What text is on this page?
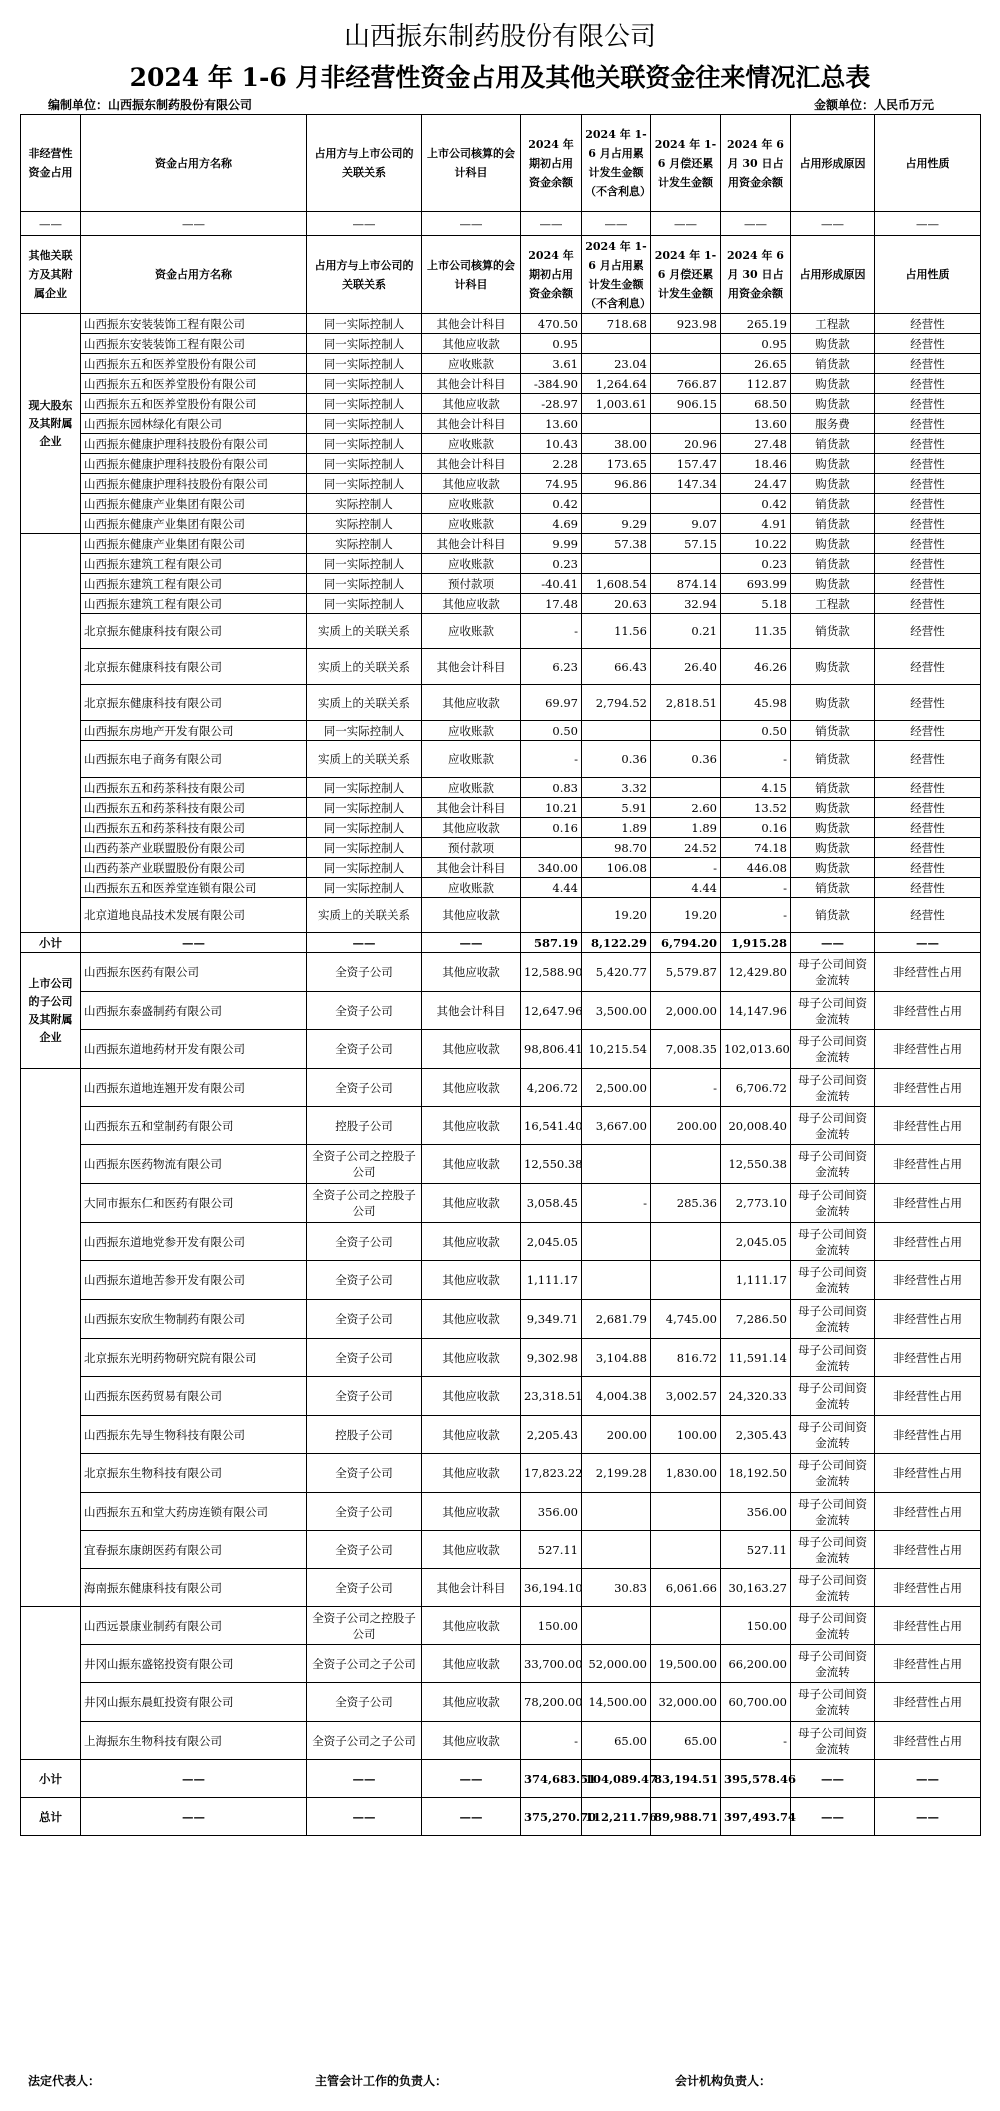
山西振东制药股份有限公司
2024 年 1-6 月非经营性资金占用及其他关联资金往来情况汇总表
编制单位：山西振东制药股份有限公司	金额单位：人民币万元
非经营性资金占用	资金占用方名称	占用方与上市公司的关联关系	上市公司核算的会计科目	2024 年期初占用资金余额	2024 年 1-6 月占用累计发生金额（不含利息）	2024 年 1-6 月偿还累计发生金额	2024 年 6 月 30 日占用资金余额	占用形成原因	占用性质
——	——	——	——	——	——	——	——	——	——
其他关联方及其附属企业	资金占用方名称	占用方与上市公司的关联关系	上市公司核算的会计科目	2024 年期初占用资金余额	2024 年 1-6 月占用累计发生金额（不含利息）	2024 年 1-6 月偿还累计发生金额	2024 年 6 月 30 日占用资金余额	占用形成原因	占用性质
现大股东及其附属企业	山西振东安装装饰工程有限公司	同一实际控制人	其他会计科目	470.50	718.68	923.98	265.19	工程款	经营性
	山西振东安装装饰工程有限公司	同一实际控制人	其他应收款	0.95			0.95	购货款	经营性
	山西振东五和医养堂股份有限公司	同一实际控制人	应收账款	3.61	23.04		26.65	销货款	经营性
	山西振东五和医养堂股份有限公司	同一实际控制人	其他会计科目	-384.90	1,264.64	766.87	112.87	购货款	经营性
	山西振东五和医养堂股份有限公司	同一实际控制人	其他应收款	-28.97	1,003.61	906.15	68.50	购货款	经营性
	山西振东园林绿化有限公司	同一实际控制人	其他会计科目	13.60			13.60	服务费	经营性
	山西振东健康护理科技股份有限公司	同一实际控制人	应收账款	10.43	38.00	20.96	27.48	销货款	经营性
	山西振东健康护理科技股份有限公司	同一实际控制人	其他会计科目	2.28	173.65	157.47	18.46	购货款	经营性
	山西振东健康护理科技股份有限公司	同一实际控制人	其他应收款	74.95	96.86	147.34	24.47	购货款	经营性
	山西振东健康产业集团有限公司	实际控制人	应收账款	0.42			0.42	销货款	经营性
	山西振东健康产业集团有限公司	实际控制人	应收账款	4.69	9.29	9.07	4.91	销货款	经营性
	山西振东健康产业集团有限公司	实际控制人	其他会计科目	9.99	57.38	57.15	10.22	购货款	经营性
	山西振东建筑工程有限公司	同一实际控制人	应收账款	0.23			0.23	销货款	经营性
	山西振东建筑工程有限公司	同一实际控制人	预付款项	-40.41	1,608.54	874.14	693.99	购货款	经营性
	山西振东建筑工程有限公司	同一实际控制人	其他应收款	17.48	20.63	32.94	5.18	工程款	经营性
	北京振东健康科技有限公司	实质上的关联关系	应收账款	-	11.56	0.21	11.35	销货款	经营性
	北京振东健康科技有限公司	实质上的关联关系	其他会计科目	6.23	66.43	26.40	46.26	购货款	经营性
	北京振东健康科技有限公司	实质上的关联关系	其他应收款	69.97	2,794.52	2,818.51	45.98	购货款	经营性
	山西振东房地产开发有限公司	同一实际控制人	应收账款	0.50			0.50	销货款	经营性
	山西振东电子商务有限公司	实质上的关联关系	应收账款	-	0.36	0.36	-	销货款	经营性
	山西振东五和药茶科技有限公司	同一实际控制人	应收账款	0.83	3.32		4.15	销货款	经营性
	山西振东五和药茶科技有限公司	同一实际控制人	其他会计科目	10.21	5.91	2.60	13.52	购货款	经营性
	山西振东五和药茶科技有限公司	同一实际控制人	其他应收款	0.16	1.89	1.89	0.16	购货款	经营性
	山西药茶产业联盟股份有限公司	同一实际控制人	预付款项		98.70	24.52	74.18	购货款	经营性
	山西药茶产业联盟股份有限公司	同一实际控制人	其他会计科目	340.00	106.08	-	446.08	购货款	经营性
	山西振东五和医养堂连锁有限公司	同一实际控制人	应收账款	4.44		4.44	-	销货款	经营性
	北京道地良品技术发展有限公司	实质上的关联关系	其他应收款		19.20	19.20	-	销货款	经营性
小计	——	——	——	587.19	8,122.29	6,794.20	1,915.28	——	——
上市公司的子公司及其附属企业	山西振东医药有限公司	全资子公司	其他应收款	12,588.90	5,420.77	5,579.87	12,429.80	母子公司间资金流转	非经营性占用
	山西振东泰盛制药有限公司	全资子公司	其他会计科目	12,647.96	3,500.00	2,000.00	14,147.96	母子公司间资金流转	非经营性占用
	山西振东道地药材开发有限公司	全资子公司	其他应收款	98,806.41	10,215.54	7,008.35	102,013.60	母子公司间资金流转	非经营性占用
	山西振东道地连翘开发有限公司	全资子公司	其他应收款	4,206.72	2,500.00	-	6,706.72	母子公司间资金流转	非经营性占用
	山西振东五和堂制药有限公司	控股子公司	其他应收款	16,541.40	3,667.00	200.00	20,008.40	母子公司间资金流转	非经营性占用
	山西振东医药物流有限公司	全资子公司之控股子公司	其他应收款	12,550.38			12,550.38	母子公司间资金流转	非经营性占用
	大同市振东仁和医药有限公司	全资子公司之控股子公司	其他应收款	3,058.45	-	285.36	2,773.10	母子公司间资金流转	非经营性占用
	山西振东道地党参开发有限公司	全资子公司	其他应收款	2,045.05			2,045.05	母子公司间资金流转	非经营性占用
	山西振东道地苦参开发有限公司	全资子公司	其他应收款	1,111.17			1,111.17	母子公司间资金流转	非经营性占用
	山西振东安欣生物制药有限公司	全资子公司	其他应收款	9,349.71	2,681.79	4,745.00	7,286.50	母子公司间资金流转	非经营性占用
	北京振东光明药物研究院有限公司	全资子公司	其他应收款	9,302.98	3,104.88	816.72	11,591.14	母子公司间资金流转	非经营性占用
	山西振东医药贸易有限公司	全资子公司	其他应收款	23,318.51	4,004.38	3,002.57	24,320.33	母子公司间资金流转	非经营性占用
	山西振东先导生物科技有限公司	控股子公司	其他应收款	2,205.43	200.00	100.00	2,305.43	母子公司间资金流转	非经营性占用
	北京振东生物科技有限公司	全资子公司	其他应收款	17,823.22	2,199.28	1,830.00	18,192.50	母子公司间资金流转	非经营性占用
	山西振东五和堂大药房连锁有限公司	全资子公司	其他应收款	356.00			356.00	母子公司间资金流转	非经营性占用
	宜春振东康朗医药有限公司	全资子公司	其他应收款	527.11			527.11	母子公司间资金流转	非经营性占用
	海南振东健康科技有限公司	全资子公司	其他会计科目	36,194.10	30.83	6,061.66	30,163.27	母子公司间资金流转	非经营性占用
	山西远景康业制药有限公司	全资子公司之控股子公司	其他应收款	150.00			150.00	母子公司间资金流转	非经营性占用
	井冈山振东盛铭投资有限公司	全资子公司之子公司	其他应收款	33,700.00	52,000.00	19,500.00	66,200.00	母子公司间资金流转	非经营性占用
	井冈山振东晨虹投资有限公司	全资子公司	其他应收款	78,200.00	14,500.00	32,000.00	60,700.00	母子公司间资金流转	非经营性占用
	上海振东生物科技有限公司	全资子公司之子公司	其他应收款	-	65.00	65.00	-	母子公司间资金流转	非经营性占用
小计	——	——	——	374,683.51	104,089.47	83,194.51	395,578.46	——	——
总计	——	——	——	375,270.70	112,211.76	89,988.71	397,493.74	——	——
法定代表人：	主管会计工作的负责人：	会计机构负责人：
